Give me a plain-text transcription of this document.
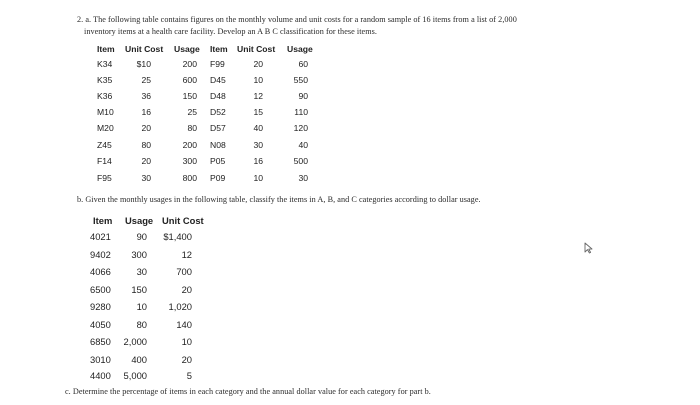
2. a. The following table contains figures on the monthly volume and unit costs for a random sample of 16 items from a list of 2,000
inventory items at a health care facility. Develop an A B C classification for these items.
Item Unit Cost Usage Item Unit Cost Usage
K34	$10	200 F99	20	60
K35	25	600 D45	10	550
K36	36	150 D48	12	90
M10	16	25 D52	15	110
M20	20	80 D57	40	120
Z45	80	200 N08	30	40
F14	20	300 P05	16	500
F95	30	800 P09	10	30
b. Given the monthly usages in the following table, classify the items in A, B, and C categories according to dollar usage.
Item Usage Unit Cost
4021	90 $1,400
9402 300	12
4066	30	700
6500 150	20
9280	10 1,020
4050	80	140
6850 2,000	10
3010 400	20
4400 5,000	5
c. Determine the percentage of items in each category and the annual dollar value for each category for part b.
